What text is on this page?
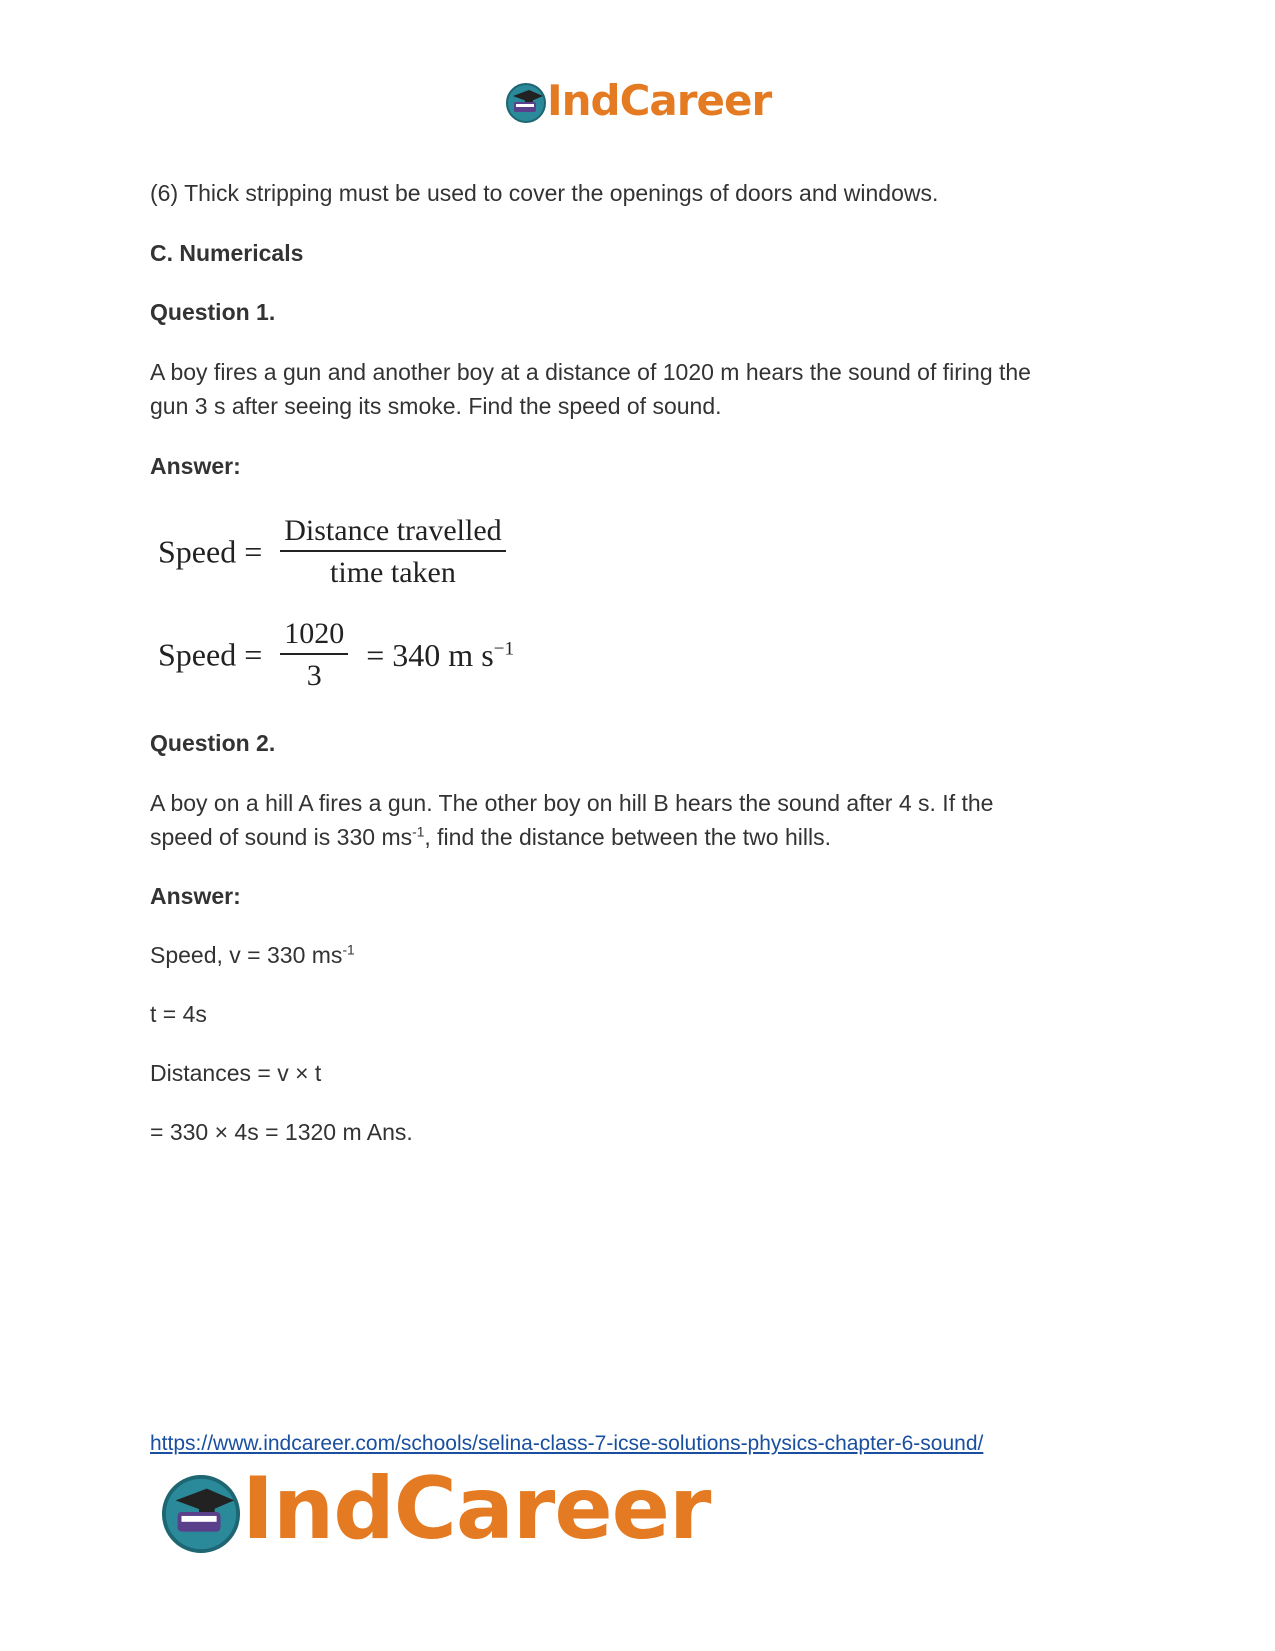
IndCareer
(6) Thick stripping must be used to cover the openings of doors and windows.
C. Numericals
Question 1.
A boy fires a gun and another boy at a distance of 1020 m hears the sound of firing the
gun 3 s after seeing its smoke. Find the speed of sound.
Answer:
Speed = $\frac{\text{Distance travelled}}{\text{time taken}}$
Speed = $\frac{1020}{3} = 340$ m $s^{-1}$
Question 2.
A boy on a hill A fires a gun. The other boy on hill B hears the sound after 4 s. If the
speed of sound is 330 $ms^{-1}$, find the distance between the two hills.
Answer:
Speed, v = 330 $ms^{-1}$
t = 4s
Distances = v × t
= 330 × 4s = 1320 m Ans.
https://www.indcareer.com/schools/selina-class-7-icse-solutions-physics-chapter-6-sound/
IndCareer
